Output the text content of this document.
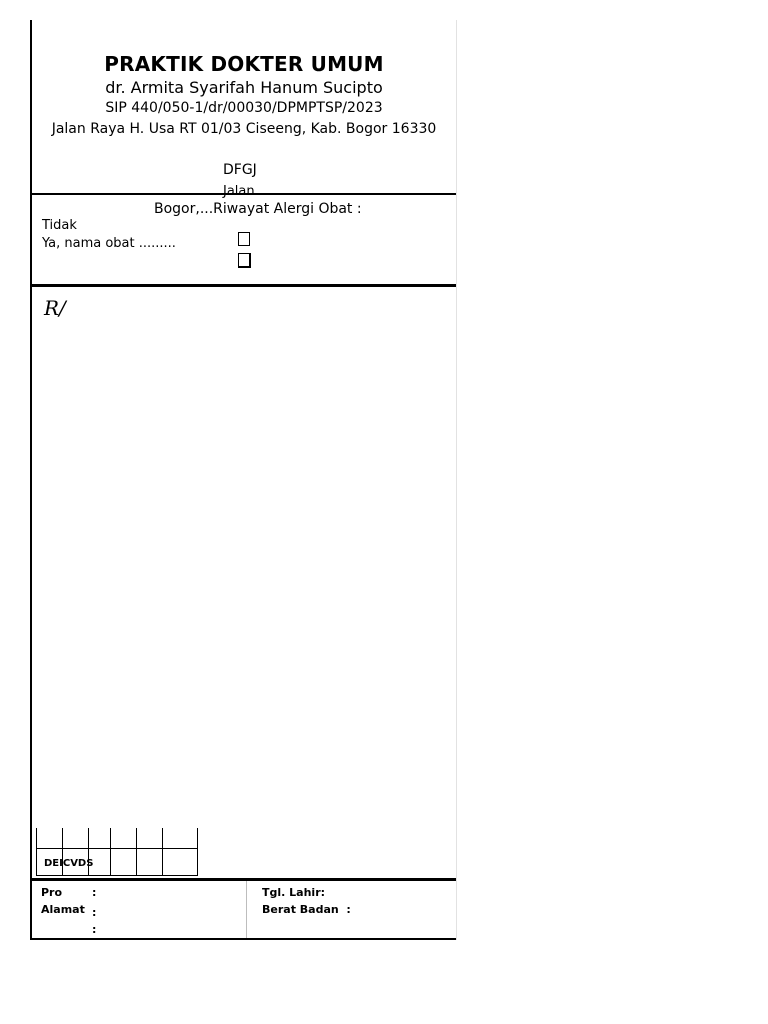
PRAKTIK DOKTER UMUM
dr. Armita Syarifah Hanum Sucipto
SIP 440/050-1/dr/00030/DPMPTSP/2023
Jalan Raya H. Usa RT 01/03 Ciseeng, Kab. Bogor 16330
DFGJ
Jalan
Bogor,...Riwayat Alergi Obat :
Tidak
Ya, nama obat .........
R/
DEICVDS
Pro	:
Alamat :
:
Tgl. Lahir:
Berat Badan :
